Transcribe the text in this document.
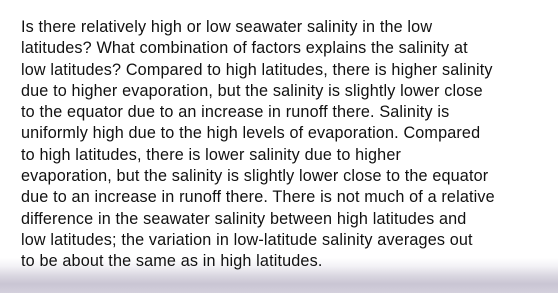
Is there relatively high or low seawater salinity in the low
latitudes? What combination of factors explains the salinity at
low latitudes? Compared to high latitudes, there is higher salinity
due to higher evaporation, but the salinity is slightly lower close
to the equator due to an increase in runoff there. Salinity is
uniformly high due to the high levels of evaporation. Compared
to high latitudes, there is lower salinity due to higher
evaporation, but the salinity is slightly lower close to the equator
due to an increase in runoff there. There is not much of a relative
difference in the seawater salinity between high latitudes and
low latitudes; the variation in low-latitude salinity averages out
to be about the same as in high latitudes.
